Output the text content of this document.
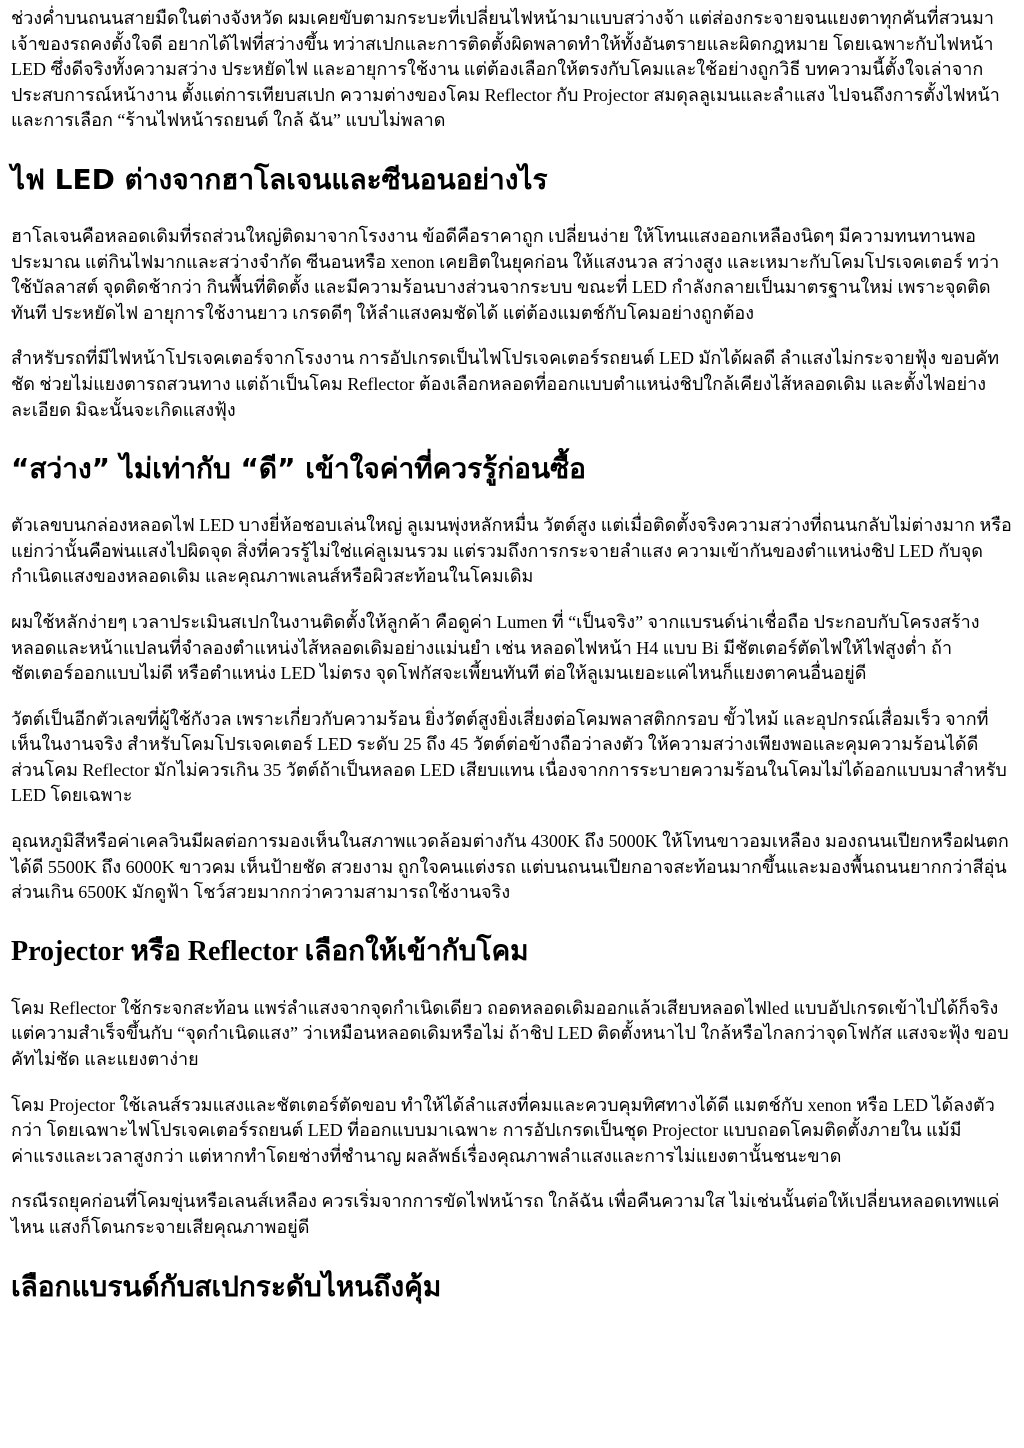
ช่วงค่ำบนถนนสายมืดในต่างจังหวัด ผมเคยขับตามกระบะที่เปลี่ยนไฟหน้ามาแบบสว่างจ้า แต่ส่องกระจายจนแยงตาทุกคันที่สวนมา เจ้าของรถคงตั้งใจดี อยากได้ไฟที่สว่างขึ้น ทว่าสเปกและการติดตั้งผิดพลาดทำให้ทั้งอันตรายและผิดกฎหมาย โดยเฉพาะกับไฟหน้า LED ซึ่งดีจริงทั้งความสว่าง ประหยัดไฟ และอายุการใช้งาน แต่ต้องเลือกให้ตรงกับโคมและใช้อย่างถูกวิธี บทความนี้ตั้งใจเล่าจากประสบการณ์หน้างาน ตั้งแต่การเทียบสเปก ความต่างของโคม Reflector กับ Projector สมดุลลูเมนและลำแสง ไปจนถึงการตั้งไฟหน้าและการเลือก “ร้านไฟหน้ารถยนต์ ใกล้ ฉัน” แบบไม่พลาด

ไฟ LED ต่างจากฮาโลเจนและซีนอนอย่างไร

ฮาโลเจนคือหลอดเดิมที่รถส่วนใหญ่ติดมาจากโรงงาน ข้อดีคือราคาถูก เปลี่ยนง่าย ให้โทนแสงออกเหลืองนิดๆ มีความทนทานพอประมาณ แต่กินไฟมากและสว่างจำกัด ซีนอนหรือ xenon เคยฮิตในยุคก่อน ให้แสงนวล สว่างสูง และเหมาะกับโคมโปรเจคเตอร์ ทว่าใช้บัลลาสต์ จุดติดช้ากว่า กินพื้นที่ติดตั้ง และมีความร้อนบางส่วนจากระบบ ขณะที่ LED กำลังกลายเป็นมาตรฐานใหม่ เพราะจุดติดทันที ประหยัดไฟ อายุการใช้งานยาว เกรดดีๆ ให้ลำแสงคมชัดได้ แต่ต้องแมตช์กับโคมอย่างถูกต้อง

สำหรับรถที่มีไฟหน้าโปรเจคเตอร์จากโรงงาน การอัปเกรดเป็นไฟโปรเจคเตอร์รถยนต์ LED มักได้ผลดี ลำแสงไม่กระจายฟุ้ง ขอบคัทชัด ช่วยไม่แยงตารถสวนทาง แต่ถ้าเป็นโคม Reflector ต้องเลือกหลอดที่ออกแบบตำแหน่งชิปใกล้เคียงไส้หลอดเดิม และตั้งไฟอย่างละเอียด มิฉะนั้นจะเกิดแสงฟุ้ง

“สว่าง” ไม่เท่ากับ “ดี” เข้าใจค่าที่ควรรู้ก่อนซื้อ

ตัวเลขบนกล่องหลอดไฟ LED บางยี่ห้อชอบเล่นใหญ่ ลูเมนพุ่งหลักหมื่น วัตต์สูง แต่เมื่อติดตั้งจริงความสว่างที่ถนนกลับไม่ต่างมาก หรือแย่กว่านั้นคือพ่นแสงไปผิดจุด สิ่งที่ควรรู้ไม่ใช่แค่ลูเมนรวม แต่รวมถึงการกระจายลำแสง ความเข้ากันของตำแหน่งชิป LED กับจุดกำเนิดแสงของหลอดเดิม และคุณภาพเลนส์หรือผิวสะท้อนในโคมเดิม

ผมใช้หลักง่ายๆ เวลาประเมินสเปกในงานติดตั้งให้ลูกค้า คือดูค่า Lumen ที่ “เป็นจริง” จากแบรนด์น่าเชื่อถือ ประกอบกับโครงสร้างหลอดและหน้าแปลนที่จำลองตำแหน่งไส้หลอดเดิมอย่างแม่นยำ เช่น หลอดไฟหน้า H4 แบบ Bi มีชัตเตอร์ตัดไฟให้ไฟสูงต่ำ ถ้าชัตเตอร์ออกแบบไม่ดี หรือตำแหน่ง LED ไม่ตรง จุดโฟกัสจะเพี้ยนทันที ต่อให้ลูเมนเยอะแค่ไหนก็แยงตาคนอื่นอยู่ดี

วัตต์เป็นอีกตัวเลขที่ผู้ใช้กังวล เพราะเกี่ยวกับความร้อน ยิ่งวัตต์สูงยิ่งเสี่ยงต่อโคมพลาสติกกรอบ ขั้วไหม้ และอุปกรณ์เสื่อมเร็ว จากที่เห็นในงานจริง สำหรับโคมโปรเจคเตอร์ LED ระดับ 25 ถึง 45 วัตต์ต่อข้างถือว่าลงตัว ให้ความสว่างเพียงพอและคุมความร้อนได้ดี ส่วนโคม Reflector มักไม่ควรเกิน 35 วัตต์ถ้าเป็นหลอด LED เสียบแทน เนื่องจากการระบายความร้อนในโคมไม่ได้ออกแบบมาสำหรับ LED โดยเฉพาะ

อุณหภูมิสีหรือค่าเคลวินมีผลต่อการมองเห็นในสภาพแวดล้อมต่างกัน 4300K ถึง 5000K ให้โทนขาวอมเหลือง มองถนนเปียกหรือฝนตกได้ดี 5500K ถึง 6000K ขาวคม เห็นป้ายชัด สวยงาม ถูกใจคนแต่งรถ แต่บนถนนเปียกอาจสะท้อนมากขึ้นและมองพื้นถนนยากกว่าสีอุ่น ส่วนเกิน 6500K มักดูฟ้า โชว์สวยมากกว่าความสามารถใช้งานจริง

Projector หรือ Reflector เลือกให้เข้ากับโคม

โคม Reflector ใช้กระจกสะท้อน แพร่ลำแสงจากจุดกำเนิดเดียว ถอดหลอดเดิมออกแล้วเสียบหลอดไฟled แบบอัปเกรดเข้าไปได้ก็จริง แต่ความสำเร็จขึ้นกับ “จุดกำเนิดแสง” ว่าเหมือนหลอดเดิมหรือไม่ ถ้าชิป LED ติดตั้งหนาไป ใกล้หรือไกลกว่าจุดโฟกัส แสงจะฟุ้ง ขอบคัทไม่ชัด และแยงตาง่าย

โคม Projector ใช้เลนส์รวมแสงและชัตเตอร์ตัดขอบ ทำให้ได้ลำแสงที่คมและควบคุมทิศทางได้ดี แมตช์กับ xenon หรือ LED ได้ลงตัวกว่า โดยเฉพาะไฟโปรเจคเตอร์รถยนต์ LED ที่ออกแบบมาเฉพาะ การอัปเกรดเป็นชุด Projector แบบถอดโคมติดตั้งภายใน แม้มีค่าแรงและเวลาสูงกว่า แต่หากทำโดยช่างที่ชำนาญ ผลลัพธ์เรื่องคุณภาพลำแสงและการไม่แยงตานั้นชนะขาด

กรณีรถยุคก่อนที่โคมขุ่นหรือเลนส์เหลือง ควรเริ่มจากการขัดไฟหน้ารถ ใกล้ฉัน เพื่อคืนความใส ไม่เช่นนั้นต่อให้เปลี่ยนหลอดเทพแค่ไหน แสงก็โดนกระจายเสียคุณภาพอยู่ดี

เลือกแบรนด์กับสเปกระดับไหนถึงคุ้ม
